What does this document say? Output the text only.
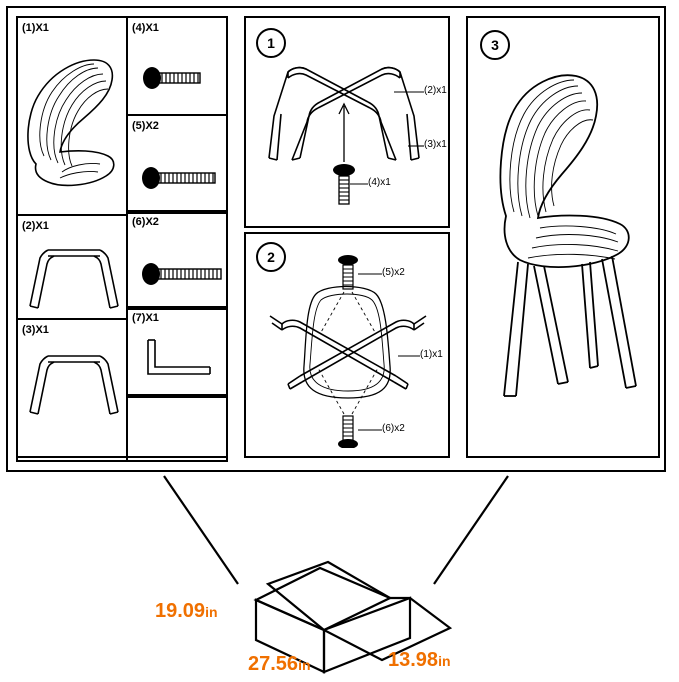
(1)X1	(4)X1
(5)X2
(2)X1	(6)X2
(3)X1
(7)X1
1
(2)x1
(3)x1
(4)x1
2
(5)x2
(1)x1
(6)x2
3
19.09in
27.56in	13.98in
